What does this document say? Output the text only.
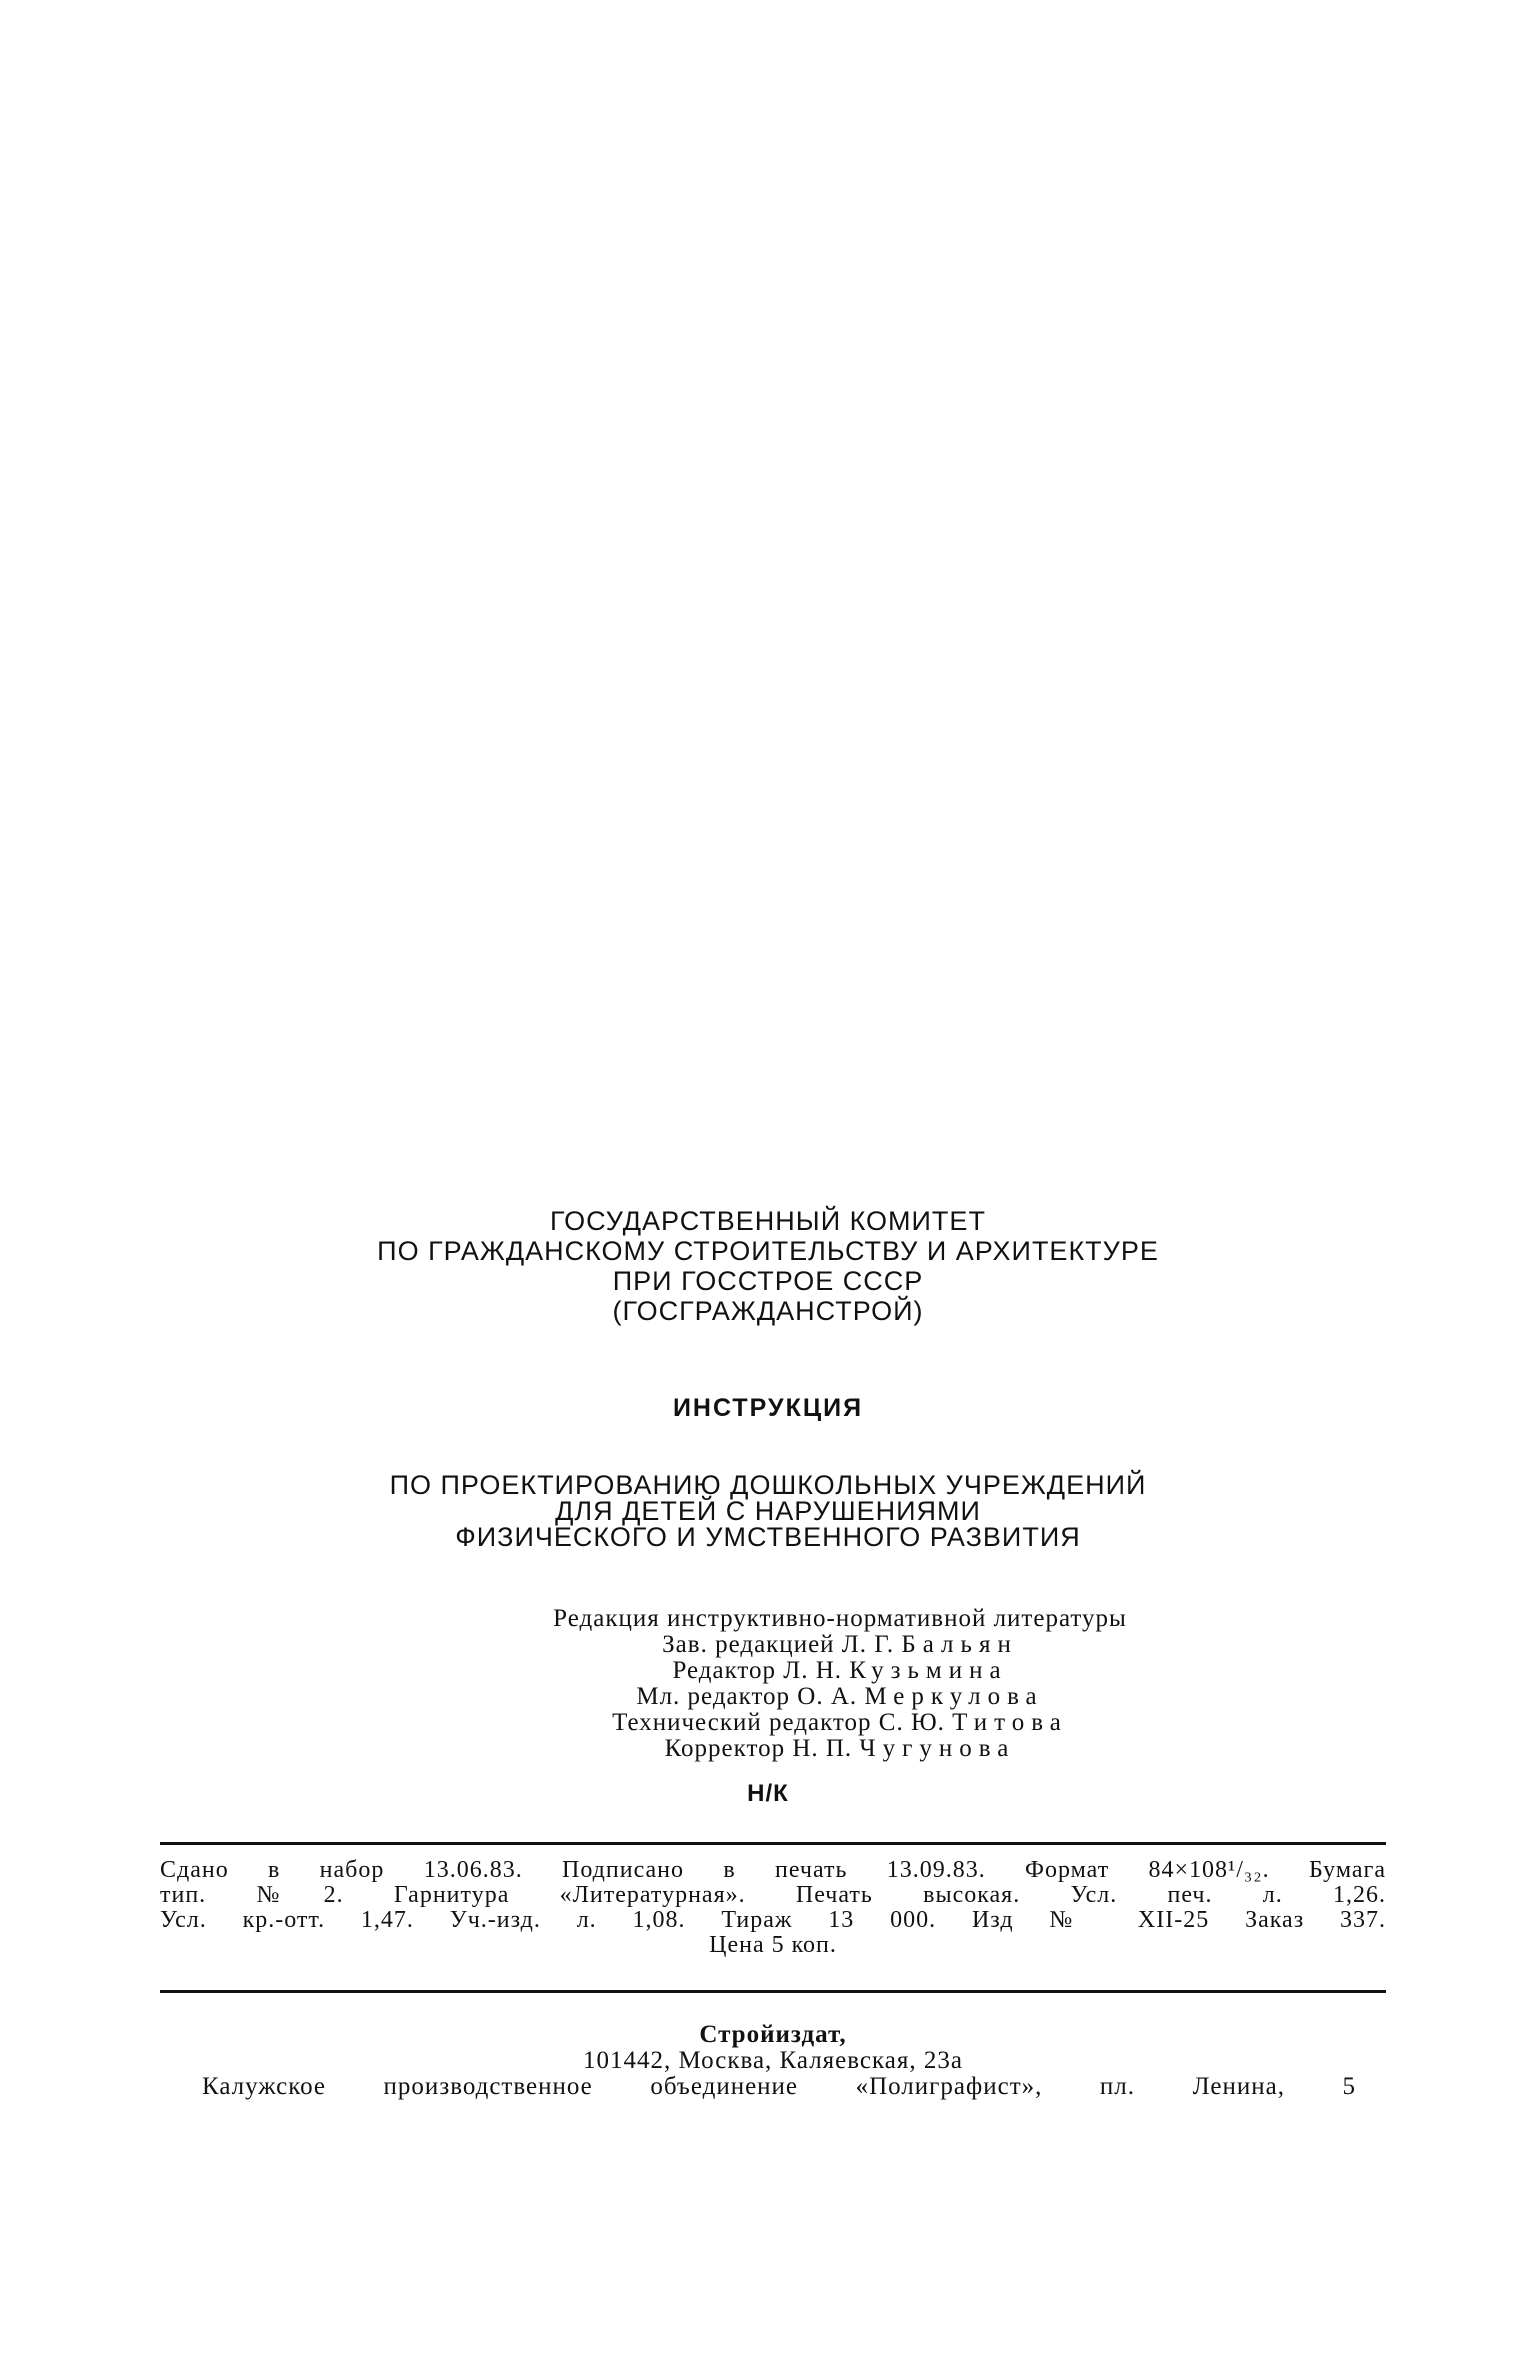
ГОСУДАРСТВЕННЫЙ КОМИТЕТ
ПО ГРАЖДАНСКОМУ СТРОИТЕЛЬСТВУ И АРХИТЕКТУРЕ
ПРИ ГОССТРОЕ СССР
(ГОСГРАЖДАНСТРОЙ)
ИНСТРУКЦИЯ
ПО ПРОЕКТИРОВАНИЮ ДОШКОЛЬНЫХ УЧРЕЖДЕНИЙ
ДЛЯ ДЕТЕЙ С НАРУШЕНИЯМИ
ФИЗИЧЕСКОГО И УМСТВЕННОГО РАЗВИТИЯ
Редакция инструктивно-нормативной литературы
Зав. редакцией Л. Г. Бальян
Редактор Л. Н. Кузьмина
Мл. редактор О. А. Меркулова
Технический редактор С. Ю. Титова
Корректор Н. П. Чугунова
Н/К
Сдано в набор 13.06.83. Подписано в печать 13.09.83. Формат 84×108¹/₃₂. Бумага
тип. №2. Гарнитура «Литературная». Печать высокая. Усл. печ. л. 1,26.
Усл. кр.-отт. 1,47. Уч.-изд. л. 1,08. Тираж 13 000. Изд № XII-25 Заказ 337.
Цена 5 коп.
Стройиздат,
101442, Москва, Каляевская, 23а
Калужское производственное объединение «Полиграфист», пл. Ленина, 5
